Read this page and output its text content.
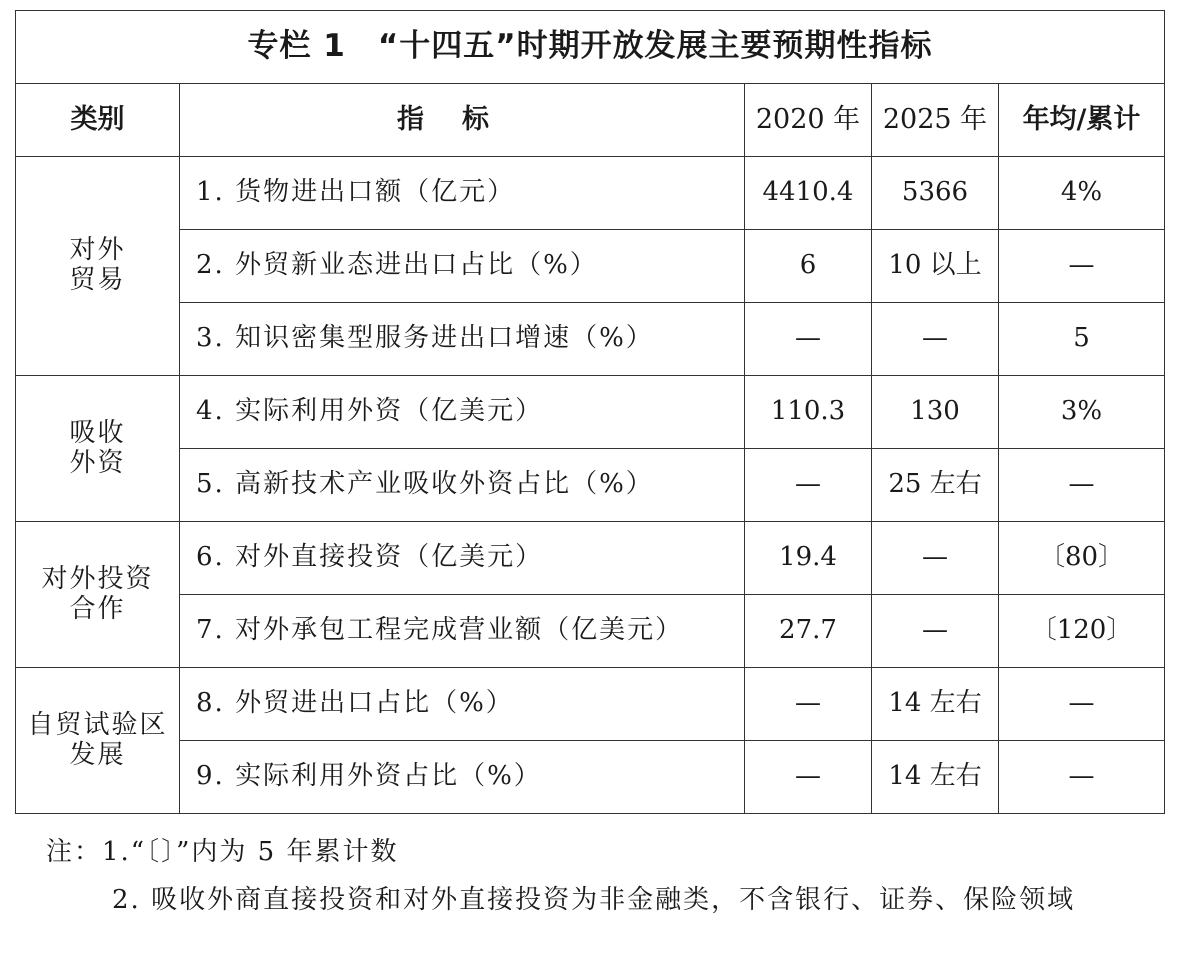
专栏 1　“十四五”时期开放发展主要预期性指标				
类别	指标	2020 年	2025 年	年均/累计

对外
贸易	1. 货物进出口额（亿元）	4410.4	5366	4%
	2. 外贸新业态进出口占比（%）	6	10 以上	—
	3. 知识密集型服务进出口增速（%）	—	—	5

吸收
外资	4. 实际利用外资（亿美元）	110.3	130	3%
	5. 高新技术产业吸收外资占比（%）	—	25 左右	—

对外投资
合作	6. 对外直接投资（亿美元）	19.4	—	〔80〕
	7. 对外承包工程完成营业额（亿美元）	27.7	—	〔120〕

自贸试验区
发展	8. 外贸进出口占比（%）	—	14 左右	—
	9. 实际利用外资占比（%）	—	14 左右	—
注：1.“〔〕”内为 5 年累计数
2. 吸收外商直接投资和对外直接投资为非金融类，不含银行、证券、保险领域
